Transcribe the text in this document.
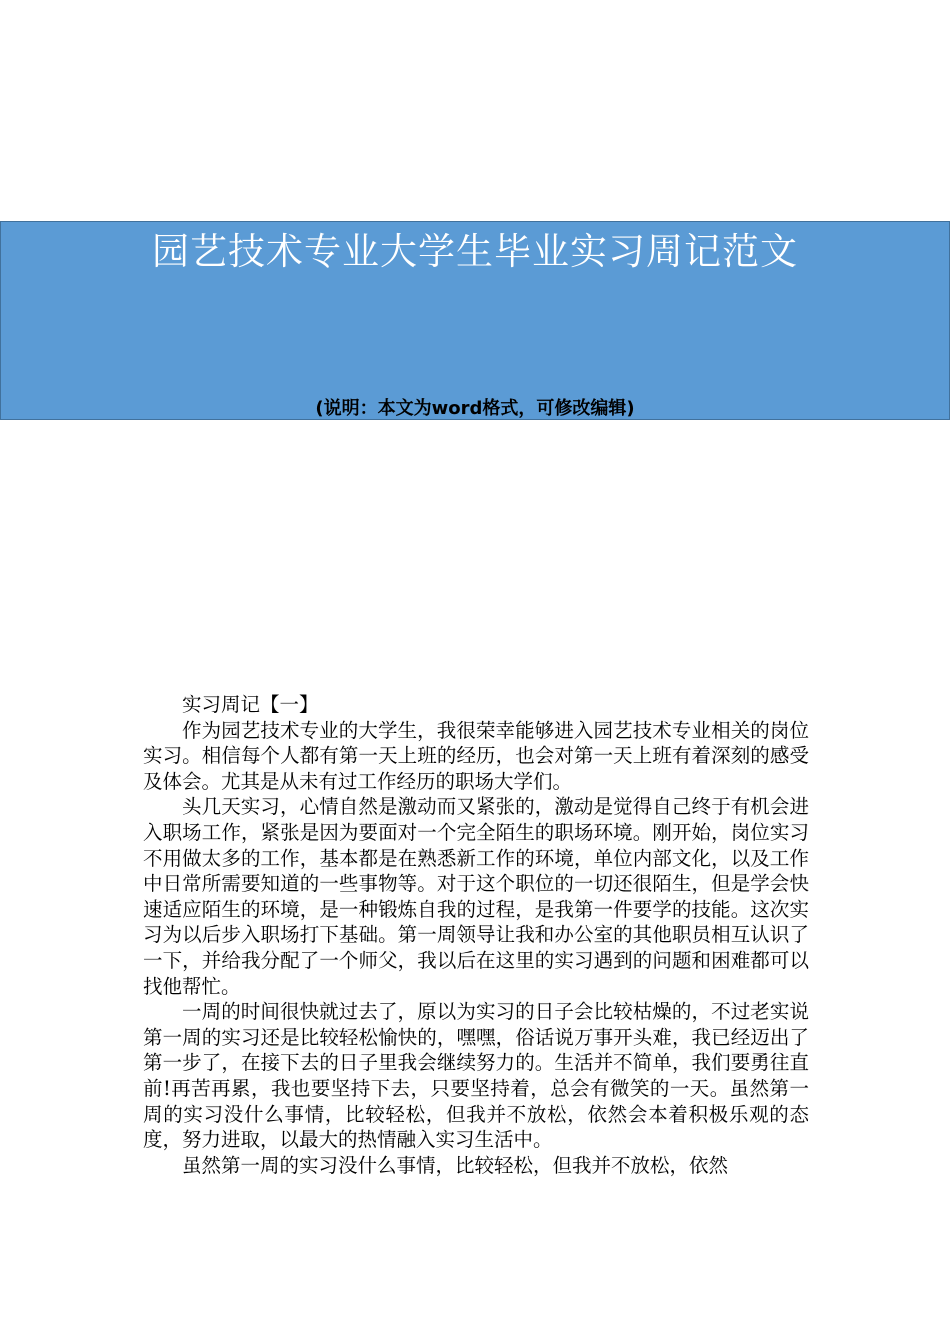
园艺技术专业大学生毕业实习周记范文
(说明：本文为word格式，可修改编辑)
实习周记【一】

作为园艺技术专业的大学生，我很荣幸能够进入园艺技术专业相关的岗位实习。相信每个人都有第一天上班的经历，也会对第一天上班有着深刻的感受及体会。尤其是从未有过工作经历的职场大学们。

头几天实习，心情自然是激动而又紧张的，激动是觉得自己终于有机会进入职场工作，紧张是因为要面对一个完全陌生的职场环境。刚开始，岗位实习不用做太多的工作，基本都是在熟悉新工作的环境，单位内部文化，以及工作中日常所需要知道的一些事物等。对于这个职位的一切还很陌生，但是学会快速适应陌生的环境，是一种锻炼自我的过程，是我第一件要学的技能。这次实习为以后步入职场打下基础。第一周领导让我和办公室的其他职员相互认识了一下，并给我分配了一个师父，我以后在这里的实习遇到的问题和困难都可以找他帮忙。

一周的时间很快就过去了，原以为实习的日子会比较枯燥的，不过老实说第一周的实习还是比较轻松愉快的，嘿嘿，俗话说万事开头难，我已经迈出了第一步了，在接下去的日子里我会继续努力的。生活并不简单，我们要勇往直前!再苦再累，我也要坚持下去，只要坚持着，总会有微笑的一天。虽然第一周的实习没什么事情，比较轻松，但我并不放松，依然会本着积极乐观的态度，努力进取，以最大的热情融入实习生活中。

虽然第一周的实习没什么事情，比较轻松，但我并不放松，依然
